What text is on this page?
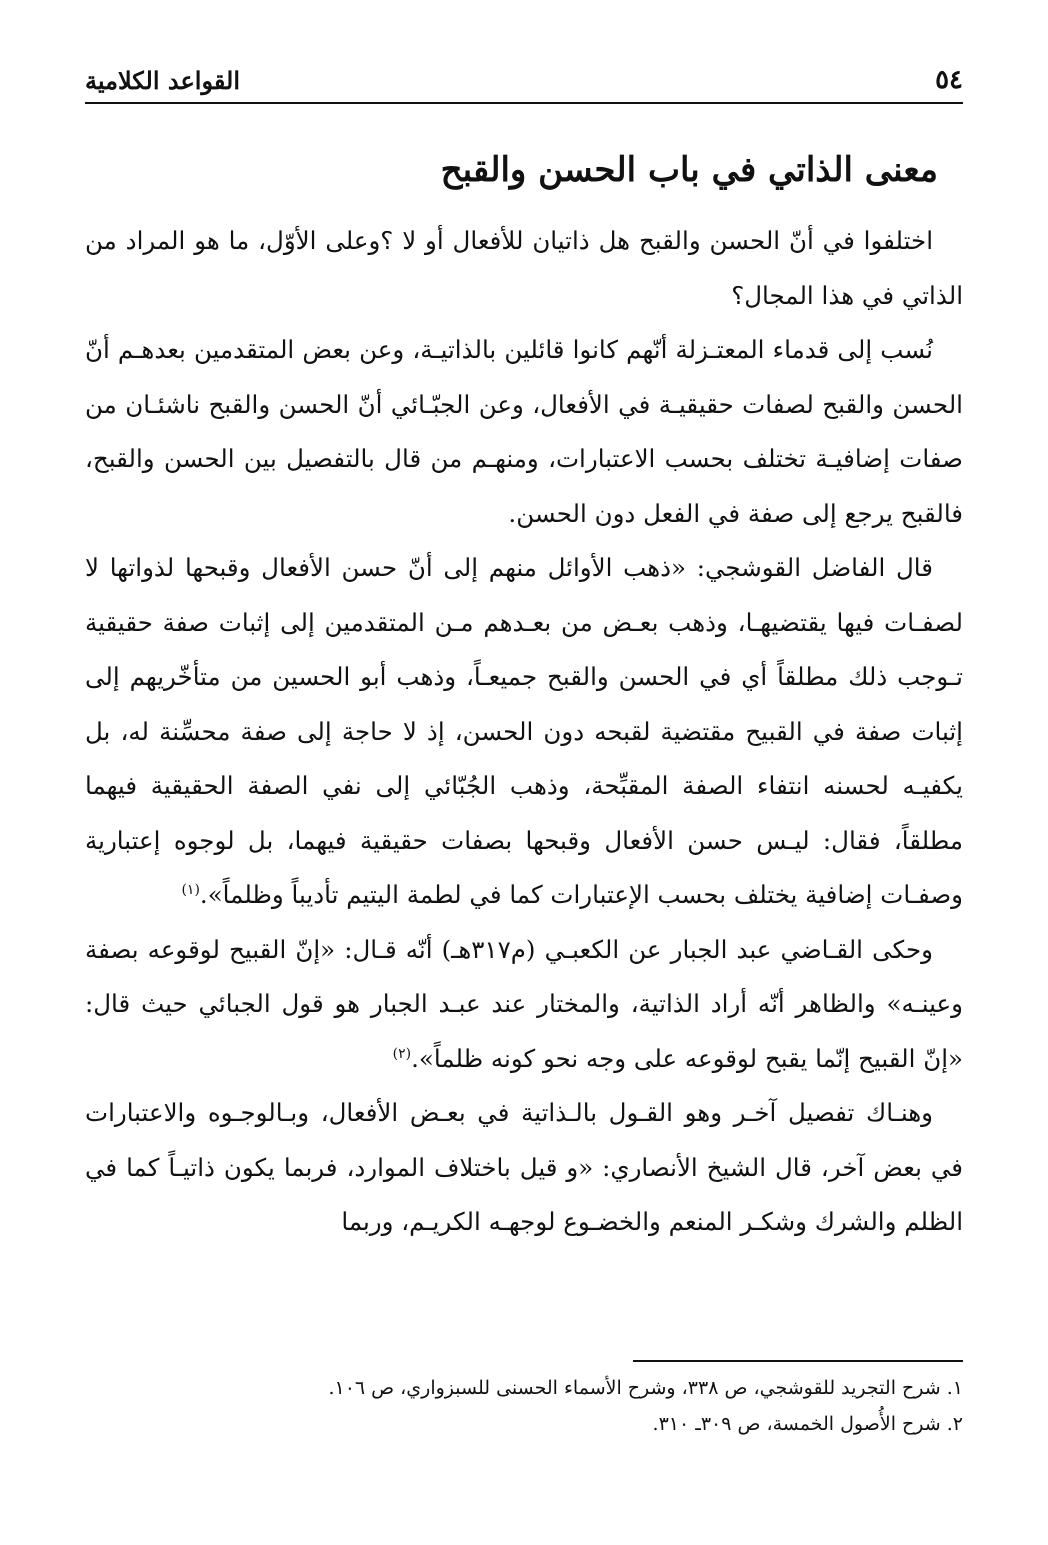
٥٤
القواعد الكلامية
معنى الذاتي في باب الحسن والقبح

اختلفوا في أنّ الحسن والقبح هل ذاتيان للأفعال أو لا ؟وعلى الأوّل، ما هو المراد من الذاتي في هذا المجال؟

نُسب إلى قدماء المعتـزلة أنّهم كانوا قائلين بالذاتيـة، وعن بعض المتقدمين بعدهـم أنّ الحسن والقبح لصفات حقيقيـة في الأفعال، وعن الجبّـائي أنّ الحسن والقبح ناشئـان من صفات إضافيـة تختلف بحسب الاعتبارات، ومنهـم من قال بالتفصيل بين الحسن والقبح، فالقبح يرجع إلى صفة في الفعل دون الحسن.

قال الفاضل القوشجي: «ذهب الأوائل منهم إلى أنّ حسن الأفعال وقبحها لذواتها لا لصفـات فيها يقتضيهـا، وذهب بعـض من بعـدهم مـن المتقدمين إلى إثبات صفة حقيقية تـوجب ذلك مطلقاً أي في الحسن والقبح جميعـاً، وذهب أبو الحسين من متأخّريهم إلى إثبات صفة في القبيح مقتضية لقبحه دون الحسن، إذ لا حاجة إلى صفة محسِّنة له، بل يكفيـه لحسنه انتفاء الصفة المقبِّحة، وذهب الجُبّائي إلى نفي الصفة الحقيقية فيهما مطلقاً، فقال: ليـس حسن الأفعال وقبحها بصفات حقيقية فيهما، بل لوجوه إعتبارية وصفـات إضافية يختلف بحسب الإعتبارات كما في لطمة اليتيم تأديباً وظلماً».$^{(١)}$

وحكى القـاضي عبد الجبار عن الكعبـي (م٣١٧هـ) أنّه قـال: «إنّ القبيح لوقوعه بصفة وعينـه» والظاهر أنّه أراد الذاتية، والمختار عند عبـد الجبار هو قول الجبائي حيث قال: «إنّ القبيح إنّما يقبح لوقوعه على وجه نحو كونه ظلماً».$^{(٢)}$

وهنـاك تفصيل آخـر وهو القـول بالـذاتية في بعـض الأفعال، وبـالوجـوه والاعتبارات في بعض آخر، قال الشيخ الأنصاري: «و قيل باختلاف الموارد، فربما يكون ذاتيـاً كما في الظلم والشرك وشكـر المنعم والخضـوع لوجهـه الكريـم، وربما

١. شرح التجريد للقوشجي، ص ٣٣٨، وشرح الأسماء الحسنى للسبزواري، ص ١٠٦.

٢. شرح الأُصول الخمسة، ص ٣٠٩ـ ٣١٠.
